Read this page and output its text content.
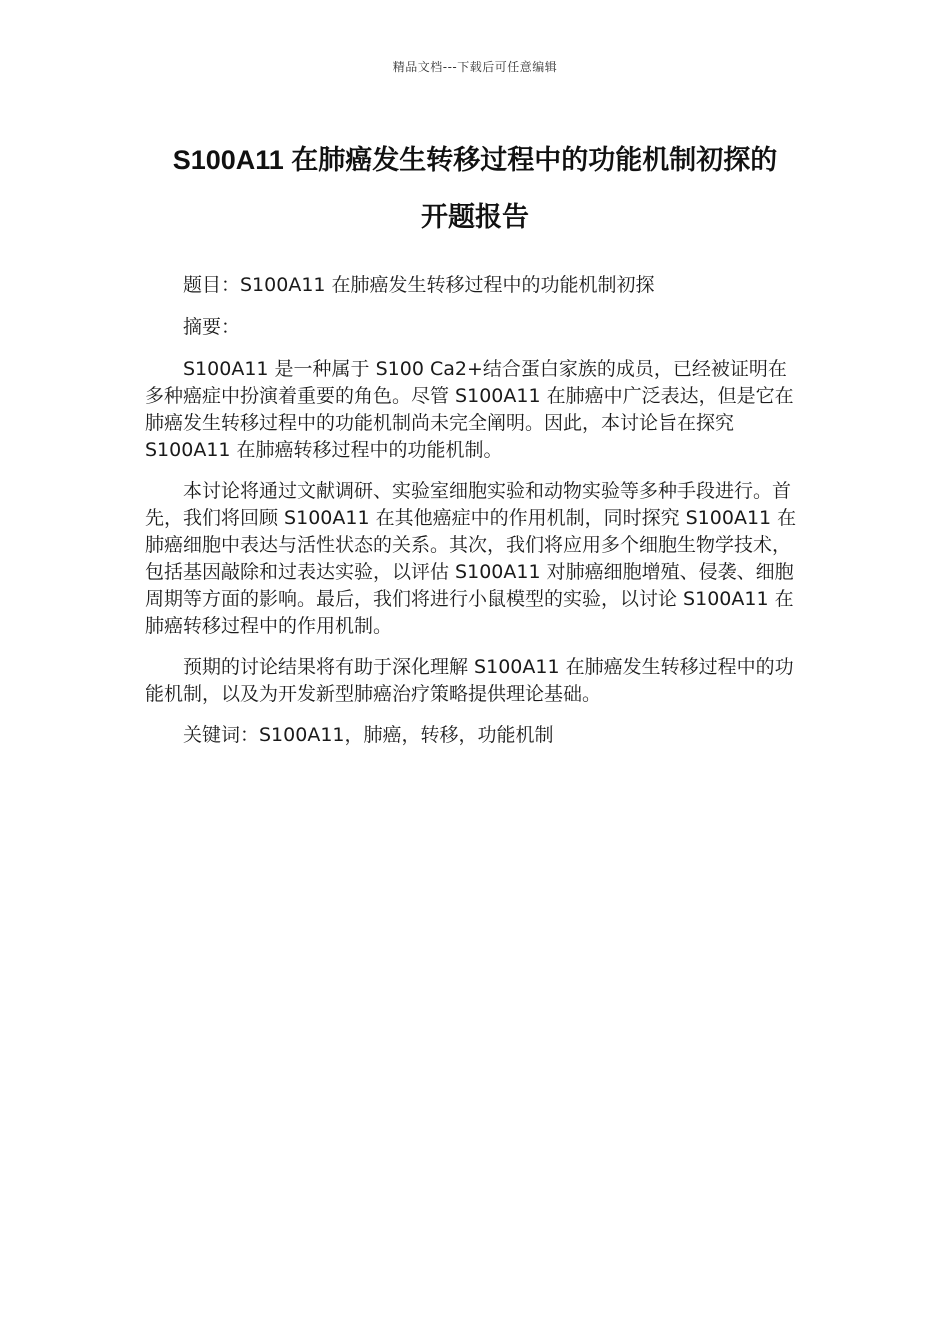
精品文档---下载后可任意编辑
S100A11 在肺癌发生转移过程中的功能机制初探的
开题报告

题目：S100A11 在肺癌发生转移过程中的功能机制初探

摘要：

S100A11 是一种属于 S100 Ca2+结合蛋白家族的成员，已经被证明在多种癌症中扮演着重要的角色。尽管 S100A11 在肺癌中广泛表达，但是它在肺癌发生转移过程中的功能机制尚未完全阐明。因此，本讨论旨在探究 S100A11 在肺癌转移过程中的功能机制。

本讨论将通过文献调研、实验室细胞实验和动物实验等多种手段进行。首先，我们将回顾 S100A11 在其他癌症中的作用机制，同时探究 S100A11 在肺癌细胞中表达与活性状态的关系。其次，我们将应用多个细胞生物学技术，包括基因敲除和过表达实验，以评估 S100A11 对肺癌细胞增殖、侵袭、细胞周期等方面的影响。最后，我们将进行小鼠模型的实验，以讨论 S100A11 在肺癌转移过程中的作用机制。

预期的讨论结果将有助于深化理解 S100A11 在肺癌发生转移过程中的功能机制，以及为开发新型肺癌治疗策略提供理论基础。

关键词：S100A11，肺癌，转移，功能机制
